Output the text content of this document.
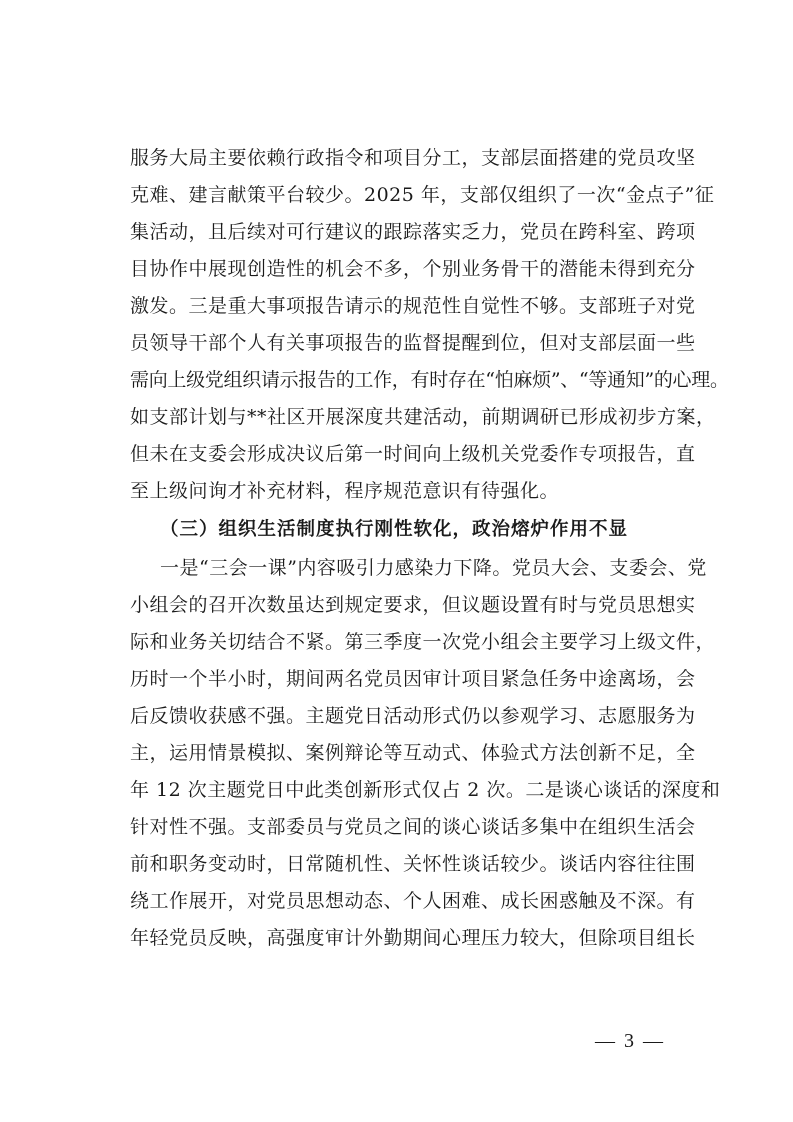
服务大局主要依赖行政指令和项目分工，支部层面搭建的党员攻坚
克难、建言献策平台较少。2025 年，支部仅组织了一次“金点子”征
集活动，且后续对可行建议的跟踪落实乏力，党员在跨科室、跨项
目协作中展现创造性的机会不多，个别业务骨干的潜能未得到充分
激发。三是重大事项报告请示的规范性自觉性不够。支部班子对党
员领导干部个人有关事项报告的监督提醒到位，但对支部层面一些
需向上级党组织请示报告的工作，有时存在“怕麻烦”、“等通知”的心理。
如支部计划与**社区开展深度共建活动，前期调研已形成初步方案，
但未在支委会形成决议后第一时间向上级机关党委作专项报告，直
至上级问询才补充材料，程序规范意识有待强化。
（三）组织生活制度执行刚性软化，政治熔炉作用不显
一是“三会一课”内容吸引力感染力下降。党员大会、支委会、党
小组会的召开次数虽达到规定要求，但议题设置有时与党员思想实
际和业务关切结合不紧。第三季度一次党小组会主要学习上级文件，
历时一个半小时，期间两名党员因审计项目紧急任务中途离场，会
后反馈收获感不强。主题党日活动形式仍以参观学习、志愿服务为
主，运用情景模拟、案例辩论等互动式、体验式方法创新不足，全
年 12 次主题党日中此类创新形式仅占 2 次。二是谈心谈话的深度和
针对性不强。支部委员与党员之间的谈心谈话多集中在组织生活会
前和职务变动时，日常随机性、关怀性谈话较少。谈话内容往往围
绕工作展开，对党员思想动态、个人困难、成长困惑触及不深。有
年轻党员反映，高强度审计外勤期间心理压力较大，但除项目组长
— 3 —
